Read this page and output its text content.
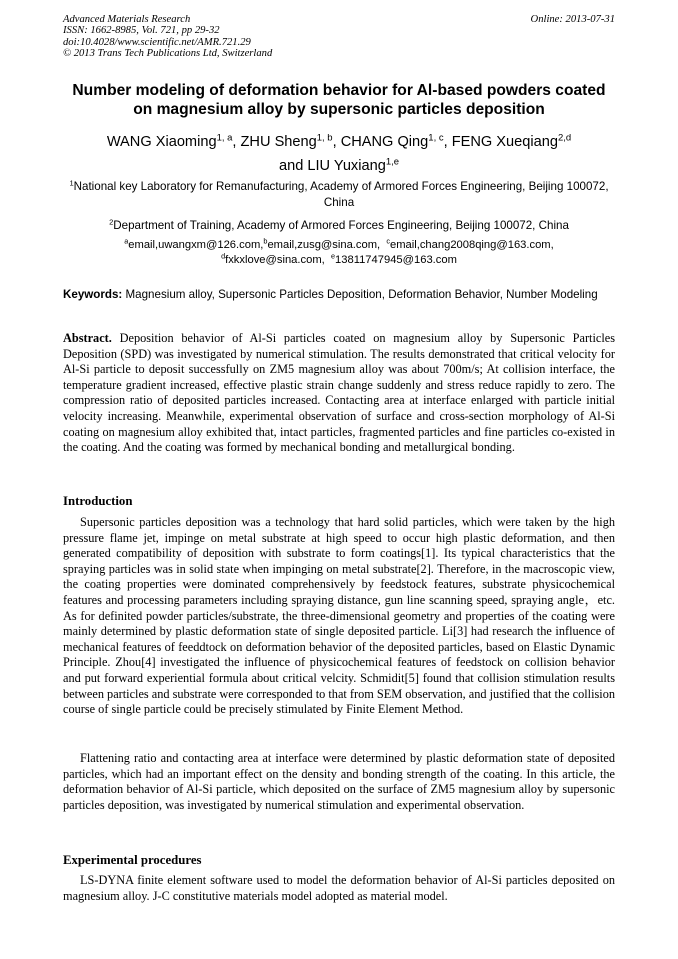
Advanced Materials Research
ISSN: 1662-8985, Vol. 721, pp 29-32
doi:10.4028/www.scientific.net/AMR.721.29
© 2013 Trans Tech Publications Ltd, Switzerland
Online: 2013-07-31
Number modeling of deformation behavior for Al-based powders coated on magnesium alloy by supersonic particles deposition
WANG Xiaoming$^{1, a}$, ZHU Sheng$^{1, b}$, CHANG Qing$^{1, c}$, FENG Xueqiang$^{2,d}$
and LIU Yuxiang$^{1,e}$
$^1$National key Laboratory for Remanufacturing, Academy of Armored Forces Engineering, Beijing 100072, China
$^2$Department of Training, Academy of Armored Forces Engineering, Beijing 100072, China
$^a$email,uwangxm@126.com,$^b$email,zusg@sina.com,  $^c$email,chang2008qing@163.com,
$^d$fxkxlove@sina.com,  $^e$13811747945@163.com
Keywords: Magnesium alloy, Supersonic Particles Deposition, Deformation Behavior, Number Modeling
Abstract. Deposition behavior of Al-Si particles coated on magnesium alloy by Supersonic Particles Deposition (SPD) was investigated by numerical stimulation. The results demonstrated that critical velocity for Al-Si particle to deposit successfully on ZM5 magnesium alloy was about 700m/s; At collision interface, the temperature gradient increased, effective plastic strain change suddenly and stress reduce rapidly to zero. The compression ratio of deposited particles increased. Contacting area at interface enlarged with particle initial velocity increasing. Meanwhile, experimental observation of surface and cross-section morphology of Al-Si coating on magnesium alloy exhibited that, intact particles, fragmented particles and fine particles co-existed in the coating. And the coating was formed by mechanical bonding and metallurgical bonding.
Introduction
Supersonic particles deposition was a technology that hard solid particles, which were taken by the high pressure flame jet, impinge on metal substrate at high speed to occur high plastic deformation, and then generated compatibility of deposition with substrate to form coatings[1]. Its typical characteristics that the spraying particles was in solid state when impinging on metal substrate[2]. Therefore, in the macroscopic view, the coating properties were dominated comprehensively by feedstock features, substrate physicochemical features and processing parameters including spraying distance, gun line scanning speed, spraying angle，etc. As for definited powder particles/substrate, the three-dimensional geometry and properties of the coating were mainly determined by plastic deformation state of single deposited particle. Li[3] had research the influence of mechanical features of feeddtock on deformation behavior of the deposited particles, based on Elastic Dynamic Principle. Zhou[4] investigated the influence of physicochemical features of feedstock on collision behavior and put forward experiential formula about critical velcity. Schmidit[5] found that collision stimulation results between particles and substrate were corresponded to that from SEM observation, and justified that the collision course of single particle could be precisely stimulated by Finite Element Method.
Flattening ratio and contacting area at interface were determined by plastic deformation state of deposited particles, which had an important effect on the density and bonding strength of the coating. In this article, the deformation behavior of Al-Si particle, which deposited on the surface of ZM5 magnesium alloy by supersonic particles deposition, was investigated by numerical stimulation and experimental observation.
Experimental procedures
LS-DYNA finite element software used to model the deformation behavior of Al-Si particles deposited on magnesium alloy. J-C constitutive materials model adopted as material model.
